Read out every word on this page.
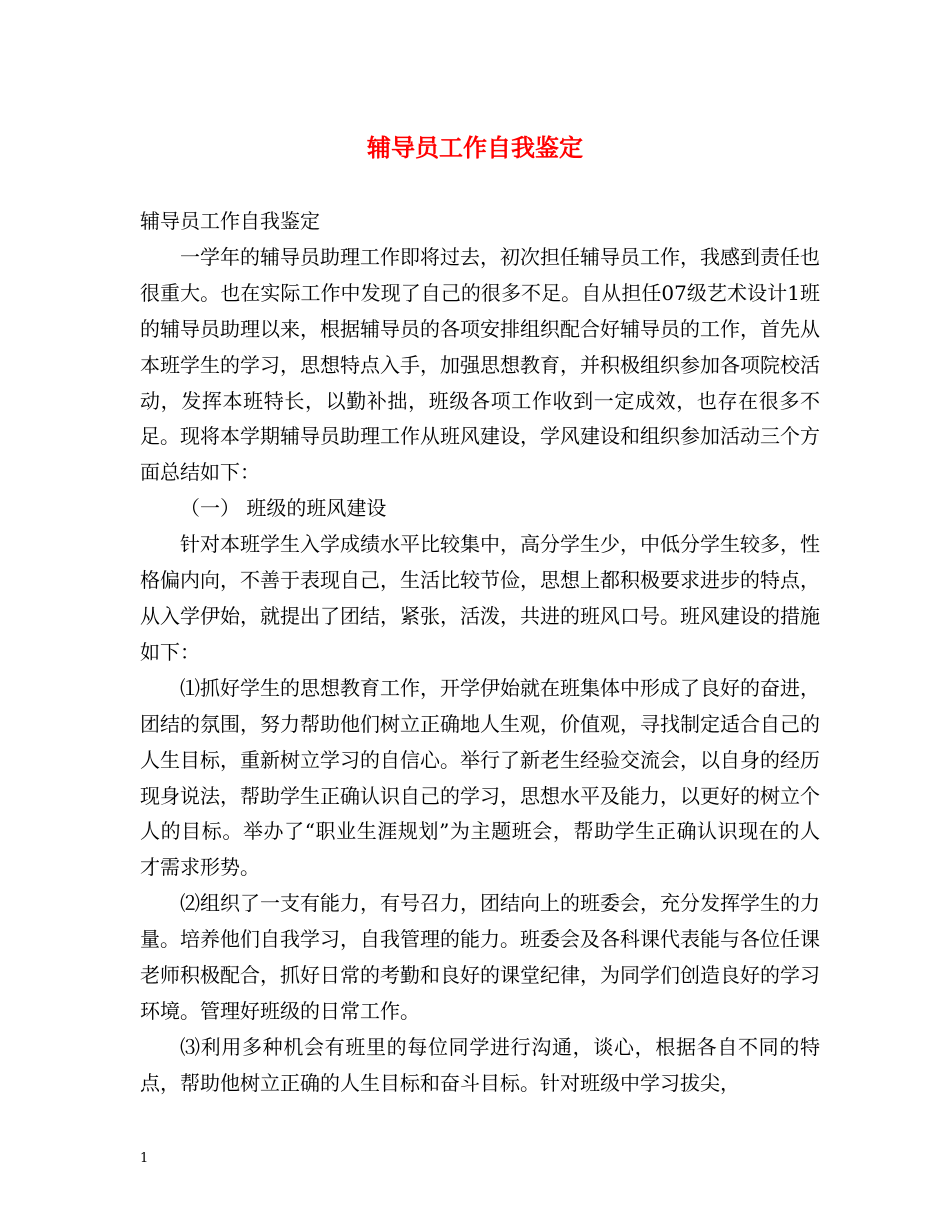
辅导员工作自我鉴定

辅导员工作自我鉴定

一学年的辅导员助理工作即将过去，初次担任辅导员工作，我感到责任也很重大。也在实际工作中发现了自己的很多不足。自从担任07级艺术设计1班的辅导员助理以来，根据辅导员的各项安排组织配合好辅导员的工作，首先从本班学生的学习，思想特点入手，加强思想教育，并积极组织参加各项院校活动，发挥本班特长，以勤补拙，班级各项工作收到一定成效，也存在很多不足。现将本学期辅导员助理工作从班风建设，学风建设和组织参加活动三个方面总结如下：

（一） 班级的班风建设

针对本班学生入学成绩水平比较集中，高分学生少，中低分学生较多，性格偏内向，不善于表现自己，生活比较节俭，思想上都积极要求进步的特点，从入学伊始，就提出了团结，紧张，活泼，共进的班风口号。班风建设的措施如下：

⑴抓好学生的思想教育工作，开学伊始就在班集体中形成了良好的奋进，团结的氛围，努力帮助他们树立正确地人生观，价值观，寻找制定适合自己的人生目标，重新树立学习的自信心。举行了新老生经验交流会，以自身的经历现身说法，帮助学生正确认识自己的学习，思想水平及能力，以更好的树立个人的目标。举办了“职业生涯规划”为主题班会，帮助学生正确认识现在的人才需求形势。

⑵组织了一支有能力，有号召力，团结向上的班委会，充分发挥学生的力量。培养他们自我学习，自我管理的能力。班委会及各科课代表能与各位任课老师积极配合，抓好日常的考勤和良好的课堂纪律，为同学们创造良好的学习环境。管理好班级的日常工作。

⑶利用多种机会有班里的每位同学进行沟通，谈心，根据各自不同的特点，帮助他树立正确的人生目标和奋斗目标。针对班级中学习拔尖，

1
